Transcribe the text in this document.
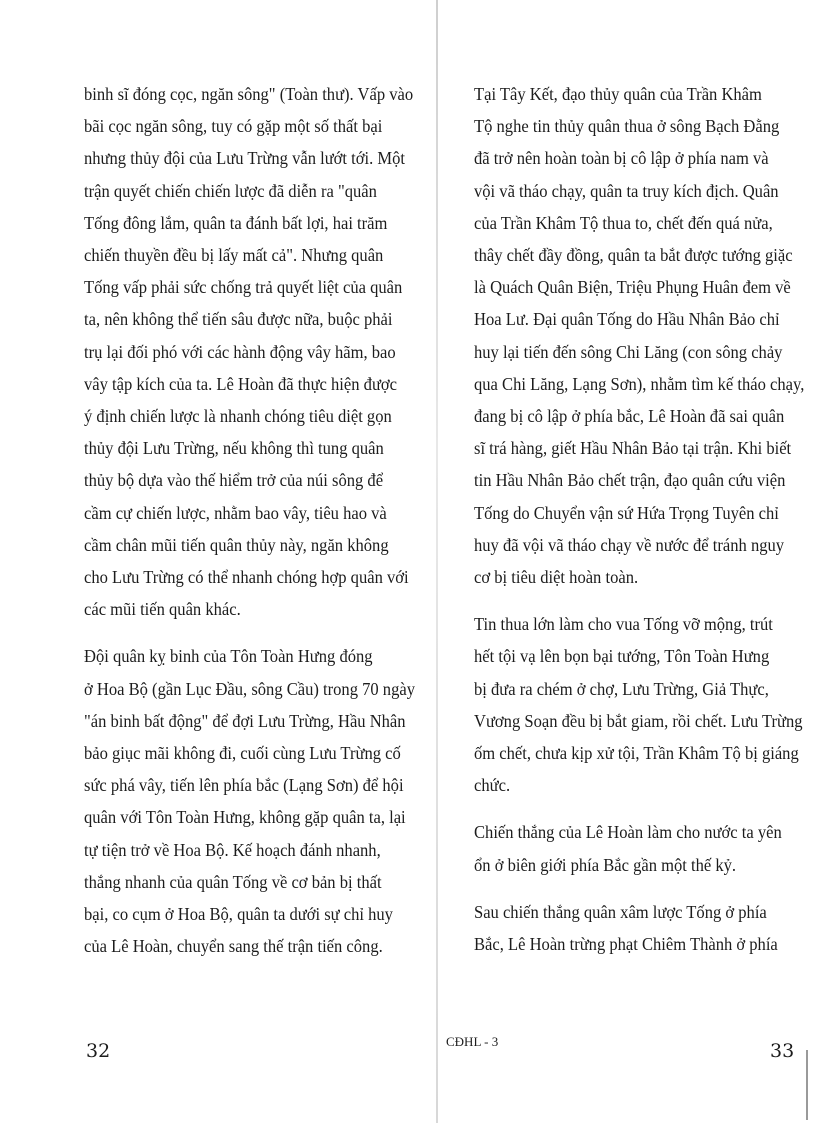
binh sĩ đóng cọc, ngăn sông" (Toàn thư). Vấp vào
bãi cọc ngăn sông, tuy có gặp một số thất bại
nhưng thủy đội của Lưu Trừng vẫn lướt tới. Một
trận quyết chiến chiến lược đã diễn ra "quân
Tống đông lắm, quân ta đánh bất lợi, hai trăm
chiến thuyền đều bị lấy mất cả". Nhưng quân
Tống vấp phải sức chống trả quyết liệt của quân
ta, nên không thể tiến sâu được nữa, buộc phải
trụ lại đối phó với các hành động vây hãm, bao
vây tập kích của ta. Lê Hoàn đã thực hiện được
ý định chiến lược là nhanh chóng tiêu diệt gọn
thủy đội Lưu Trừng, nếu không thì tung quân
thủy bộ dựa vào thế hiểm trở của núi sông để
cầm cự chiến lược, nhằm bao vây, tiêu hao và
cầm chân mũi tiến quân thủy này, ngăn không
cho Lưu Trừng có thể nhanh chóng hợp quân với
các mũi tiến quân khác.

Đội quân kỵ binh của Tôn Toàn Hưng đóng
ở Hoa Bộ (gần Lục Đầu, sông Cầu) trong 70 ngày
"án binh bất động" để đợi Lưu Trừng, Hầu Nhân
bảo giục mãi không đi, cuối cùng Lưu Trừng cố
sức phá vây, tiến lên phía bắc (Lạng Sơn) để hội
quân với Tôn Toàn Hưng, không gặp quân ta, lại
tự tiện trở về Hoa Bộ. Kế hoạch đánh nhanh,
thắng nhanh của quân Tống về cơ bản bị thất
bại, co cụm ở Hoa Bộ, quân ta dưới sự chỉ huy
của Lê Hoàn, chuyển sang thế trận tiến công.

Tại Tây Kết, đạo thủy quân của Trần Khâm
Tộ nghe tin thủy quân thua ở sông Bạch Đằng
đã trở nên hoàn toàn bị cô lập ở phía nam và
vội vã tháo chạy, quân ta truy kích địch. Quân
của Trần Khâm Tộ thua to, chết đến quá nửa,
thây chết đầy đồng, quân ta bắt được tướng giặc
là Quách Quân Biện, Triệu Phụng Huân đem về
Hoa Lư. Đại quân Tống do Hầu Nhân Bảo chỉ
huy lại tiến đến sông Chi Lăng (con sông chảy
qua Chi Lăng, Lạng Sơn), nhằm tìm kế tháo chạy,
đang bị cô lập ở phía bắc, Lê Hoàn đã sai quân
sĩ trá hàng, giết Hầu Nhân Bảo tại trận. Khi biết
tin Hầu Nhân Bảo chết trận, đạo quân cứu viện
Tống do Chuyển vận sứ Hứa Trọng Tuyên chỉ
huy đã vội vã tháo chạy về nước để tránh nguy
cơ bị tiêu diệt hoàn toàn.

Tin thua lớn làm cho vua Tống vỡ mộng, trút
hết tội vạ lên bọn bại tướng, Tôn Toàn Hưng
bị đưa ra chém ở chợ, Lưu Trừng, Giả Thực,
Vương Soạn đều bị bắt giam, rồi chết. Lưu Trừng
ốm chết, chưa kịp xử tội, Trần Khâm Tộ bị giáng
chức.

Chiến thắng của Lê Hoàn làm cho nước ta yên
ổn ở biên giới phía Bắc gần một thế kỷ.

Sau chiến thắng quân xâm lược Tống ở phía
Bắc, Lê Hoàn trừng phạt Chiêm Thành ở phía

32	CĐHL - 3	33
